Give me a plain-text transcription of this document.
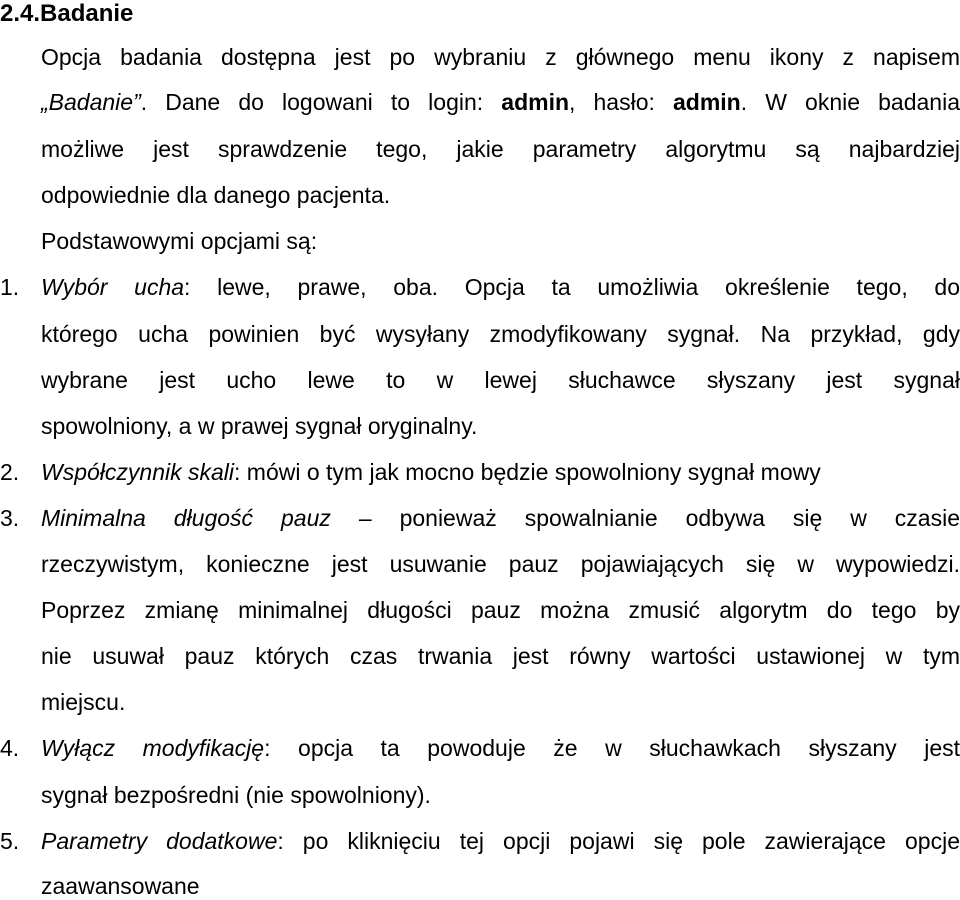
2.4.Badanie
Opcja badania dostępna jest po wybraniu z głównego menu ikony z napisem
„Badanie”. Dane do logowani to login: admin, hasło: admin. W oknie badania
możliwe jest sprawdzenie tego, jakie parametry algorytmu są najbardziej
odpowiednie dla danego pacjenta.
Podstawowymi opcjami są:
1. Wybór ucha: lewe, prawe, oba. Opcja ta umożliwia określenie tego, do
którego ucha powinien być wysyłany zmodyfikowany sygnał. Na przykład, gdy
wybrane jest ucho lewe to w lewej słuchawce słyszany jest sygnał
spowolniony, a w prawej sygnał oryginalny.
2. Współczynnik skali: mówi o tym jak mocno będzie spowolniony sygnał mowy
3. Minimalna długość pauz – ponieważ spowalnianie odbywa się w czasie
rzeczywistym, konieczne jest usuwanie pauz pojawiających się w wypowiedzi.
Poprzez zmianę minimalnej długości pauz można zmusić algorytm do tego by
nie usuwał pauz których czas trwania jest równy wartości ustawionej w tym
miejscu.
4. Wyłącz modyfikację: opcja ta powoduje że w słuchawkach słyszany jest
sygnał bezpośredni (nie spowolniony).
5. Parametry dodatkowe: po kliknięciu tej opcji pojawi się pole zawierające opcje
zaawansowane
